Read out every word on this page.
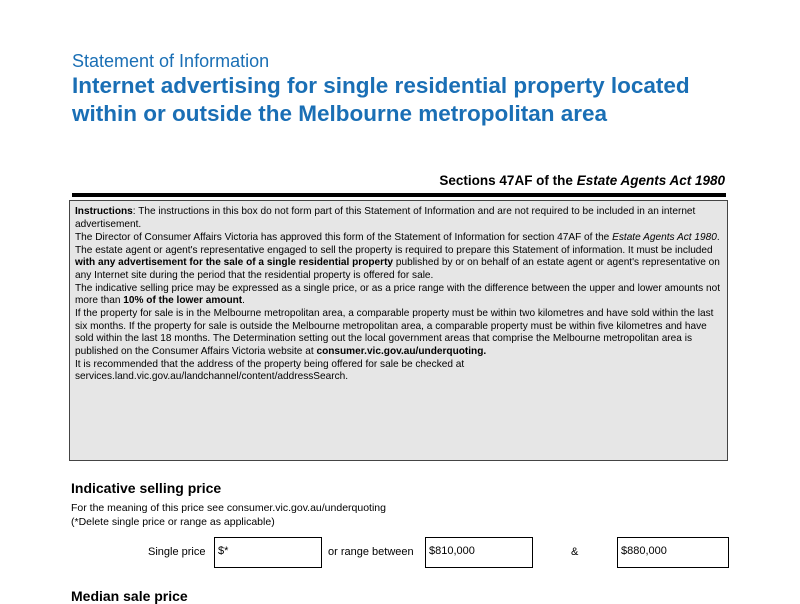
Statement of Information
Internet advertising for single residential property located within or outside the Melbourne metropolitan area
Sections 47AF of the Estate Agents Act 1980

Instructions: The instructions in this box do not form part of this Statement of Information and are not required to be included in an internet advertisement.

The Director of Consumer Affairs Victoria has approved this form of the Statement of Information for section 47AF of the Estate Agents Act 1980.

The estate agent or agent's representative engaged to sell the property is required to prepare this Statement of information. It must be included with any advertisement for the sale of a single residential property published by or on behalf of an estate agent or agent's representative on any Internet site during the period that the residential property is offered for sale.

The indicative selling price may be expressed as a single price, or as a price range with the difference between the upper and lower amounts not more than 10% of the lower amount.

If the property for sale is in the Melbourne metropolitan area, a comparable property must be within two kilometres and have sold within the last six months. If the property for sale is outside the Melbourne metropolitan area, a comparable property must be within five kilometres and have sold within the last 18 months. The Determination setting out the local government areas that comprise the Melbourne metropolitan area is published on the Consumer Affairs Victoria website at consumer.vic.gov.au/underquoting.

It is recommended that the address of the property being offered for sale be checked at
services.land.vic.gov.au/landchannel/content/addressSearch.

Indicative selling price
For the meaning of this price see consumer.vic.gov.au/underquoting
(*Delete single price or range as applicable)
Single price	$*	or range between	$810,000	&	$880,000
Median sale price
